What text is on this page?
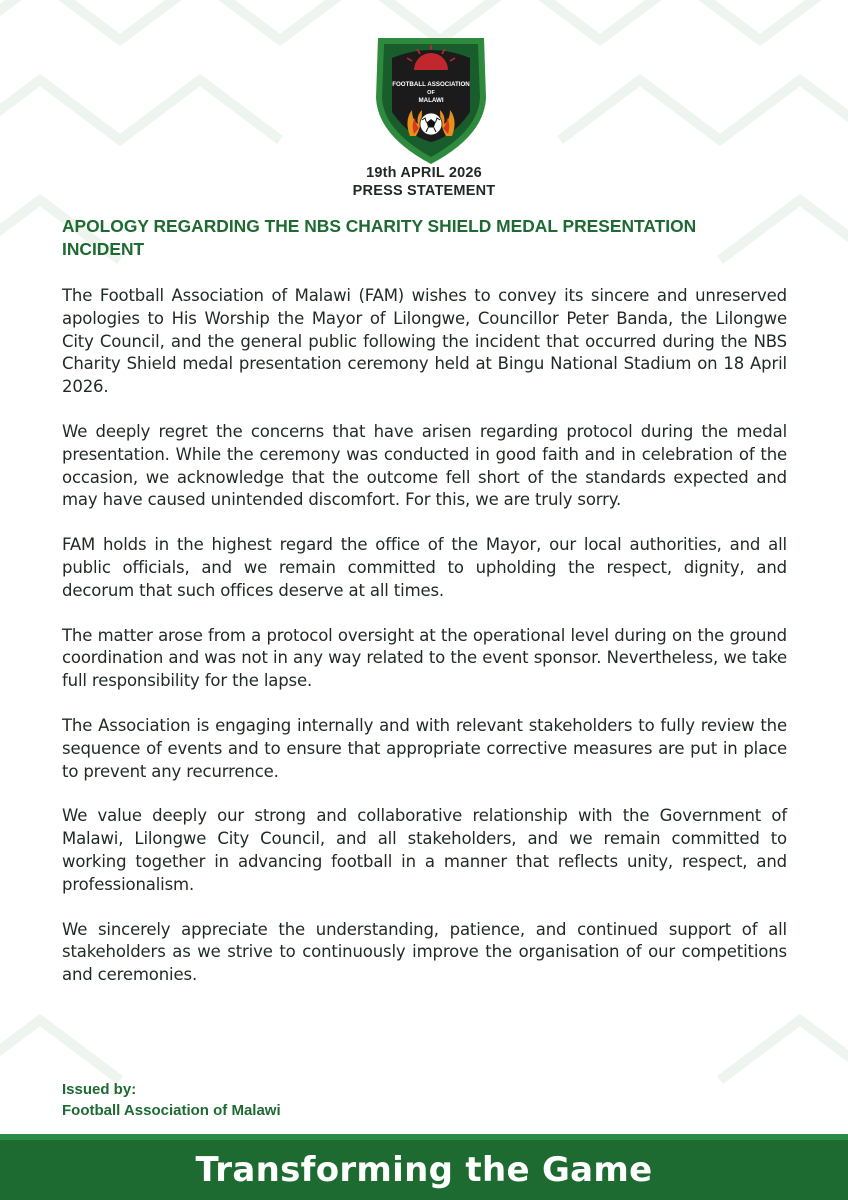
FOOTBALL ASSOCIATION
OF
MALAWI
19th APRIL 2026
PRESS STATEMENT
APOLOGY REGARDING THE NBS CHARITY SHIELD MEDAL PRESENTATION INCIDENT

The Football Association of Malawi (FAM) wishes to convey its sincere and unreserved apologies to His Worship the Mayor of Lilongwe, Councillor Peter Banda, the Lilongwe City Council, and the general public following the incident that occurred during the NBS Charity Shield medal presentation ceremony held at Bingu National Stadium on 18 April 2026.

We deeply regret the concerns that have arisen regarding protocol during the medal presentation. While the ceremony was conducted in good faith and in celebration of the occasion, we acknowledge that the outcome fell short of the standards expected and may have caused unintended discomfort. For this, we are truly sorry.

FAM holds in the highest regard the office of the Mayor, our local authorities, and all public officials, and we remain committed to upholding the respect, dignity, and decorum that such offices deserve at all times.

The matter arose from a protocol oversight at the operational level during on the ground coordination and was not in any way related to the event sponsor. Nevertheless, we take full responsibility for the lapse.

The Association is engaging internally and with relevant stakeholders to fully review the sequence of events and to ensure that appropriate corrective measures are put in place to prevent any recurrence.

We value deeply our strong and collaborative relationship with the Government of Malawi, Lilongwe City Council, and all stakeholders, and we remain committed to working together in advancing football in a manner that reflects unity, respect, and professionalism.

We sincerely appreciate the understanding, patience, and continued support of all stakeholders as we strive to continuously improve the organisation of our competitions and ceremonies.

Issued by:
Football Association of Malawi
Transforming the Game
